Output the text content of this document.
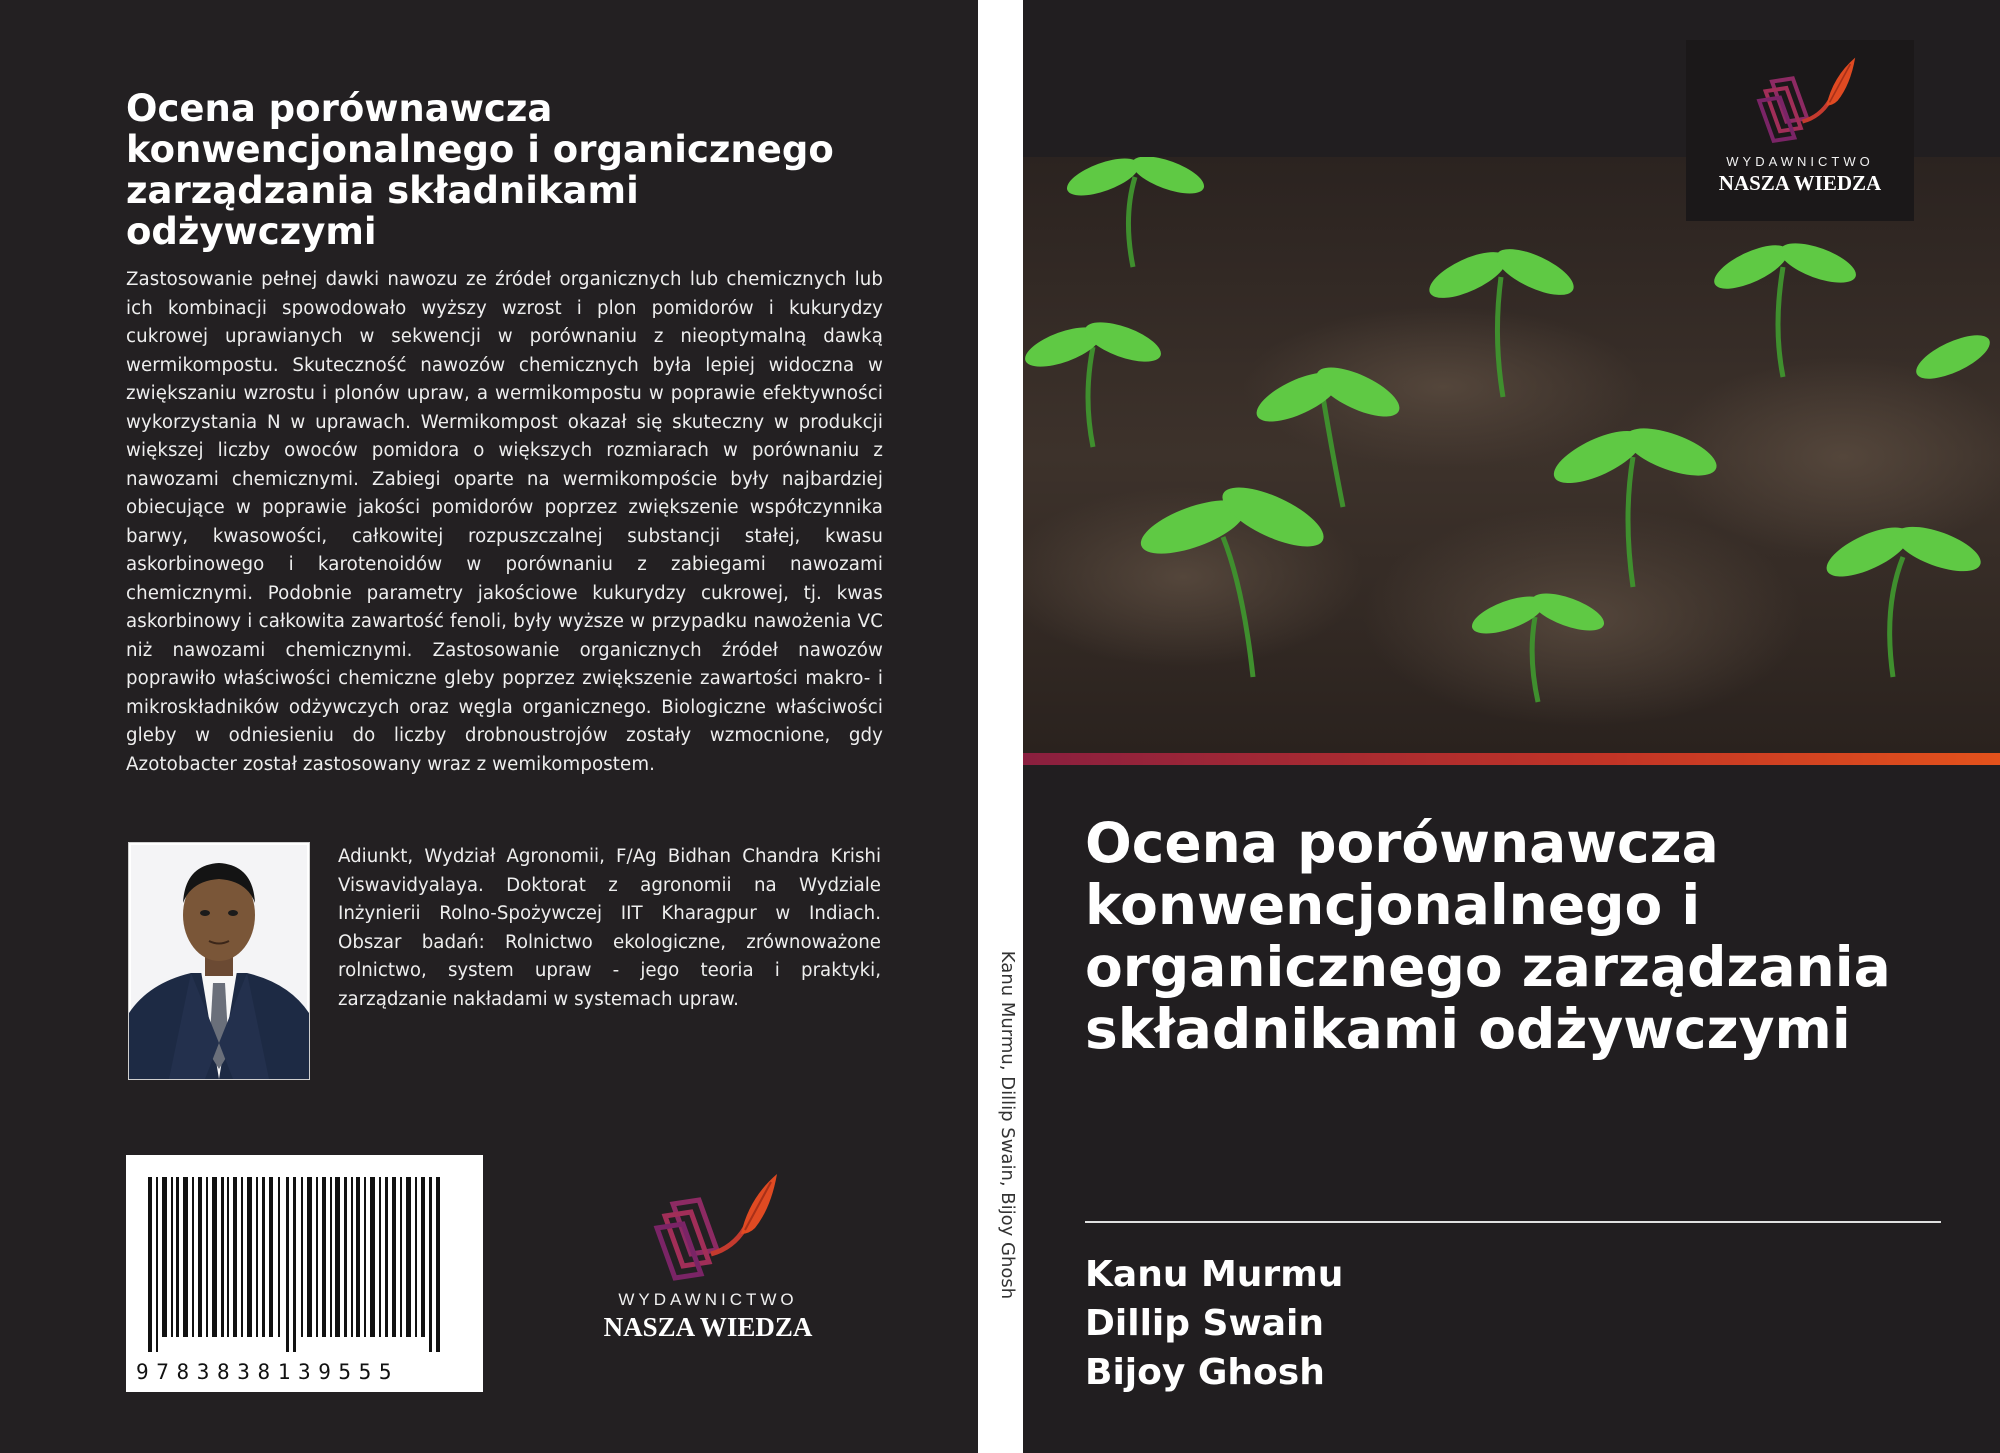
Ocena porównawcza konwencjonalnego i organicznego zarządzania składnikami odżywczymi

Zastosowanie pełnej dawki nawozu ze źródeł organicznych lub chemicznych lub ich kombinacji spowodowało wyższy wzrost i plon pomidorów i kukurydzy cukrowej uprawianych w sekwencji w porównaniu z nieoptymalną dawką wermikompostu. Skuteczność nawozów chemicznych była lepiej widoczna w zwiększaniu wzrostu i plonów upraw, a wermikompostu w poprawie efektywności wykorzystania N w uprawach. Wermikompost okazał się skuteczny w produkcji większej liczby owoców pomidora o większych rozmiarach w porównaniu z nawozami chemicznymi. Zabiegi oparte na wermikompoście były najbardziej obiecujące w poprawie jakości pomidorów poprzez zwiększenie współczynnika barwy, kwasowości, całkowitej rozpuszczalnej substancji stałej, kwasu askorbinowego i karotenoidów w porównaniu z zabiegami nawozami chemicznymi. Podobnie parametry jakościowe kukurydzy cukrowej, tj. kwas askorbinowy i całkowita zawartość fenoli, były wyższe w przypadku nawożenia VC niż nawozami chemicznymi. Zastosowanie organicznych źródeł nawozów poprawiło właściwości chemiczne gleby poprzez zwiększenie zawartości makro- i mikroskładników odżywczych oraz węgla organicznego. Biologiczne właściwości gleby w odniesieniu do liczby drobnoustrojów zostały wzmocnione, gdy Azotobacter został zastosowany wraz z wemikompostem.

Adiunkt, Wydział Agronomii, F/Ag Bidhan Chandra Krishi Viswavidyalaya. Doktorat z agronomii na Wydziale Inżynierii Rolno-Spożywczej IIT Kharagpur w Indiach. Obszar badań: Rolnictwo ekologiczne, zrównoważone rolnictwo, system upraw - jego teoria i praktyki, zarządzanie nakładami w systemach upraw.

9783838139555
WYDAWNICTWO
NASZA WIEDZA
Kanu Murmu, Dillip Swain, Bijoy Ghosh
WYDAWNICTWO
NASZA WIEDZA
Ocena porównawcza konwencjonalnego i organicznego zarządzania składnikami odżywczymi
Kanu Murmu
Dillip Swain
Bijoy Ghosh
